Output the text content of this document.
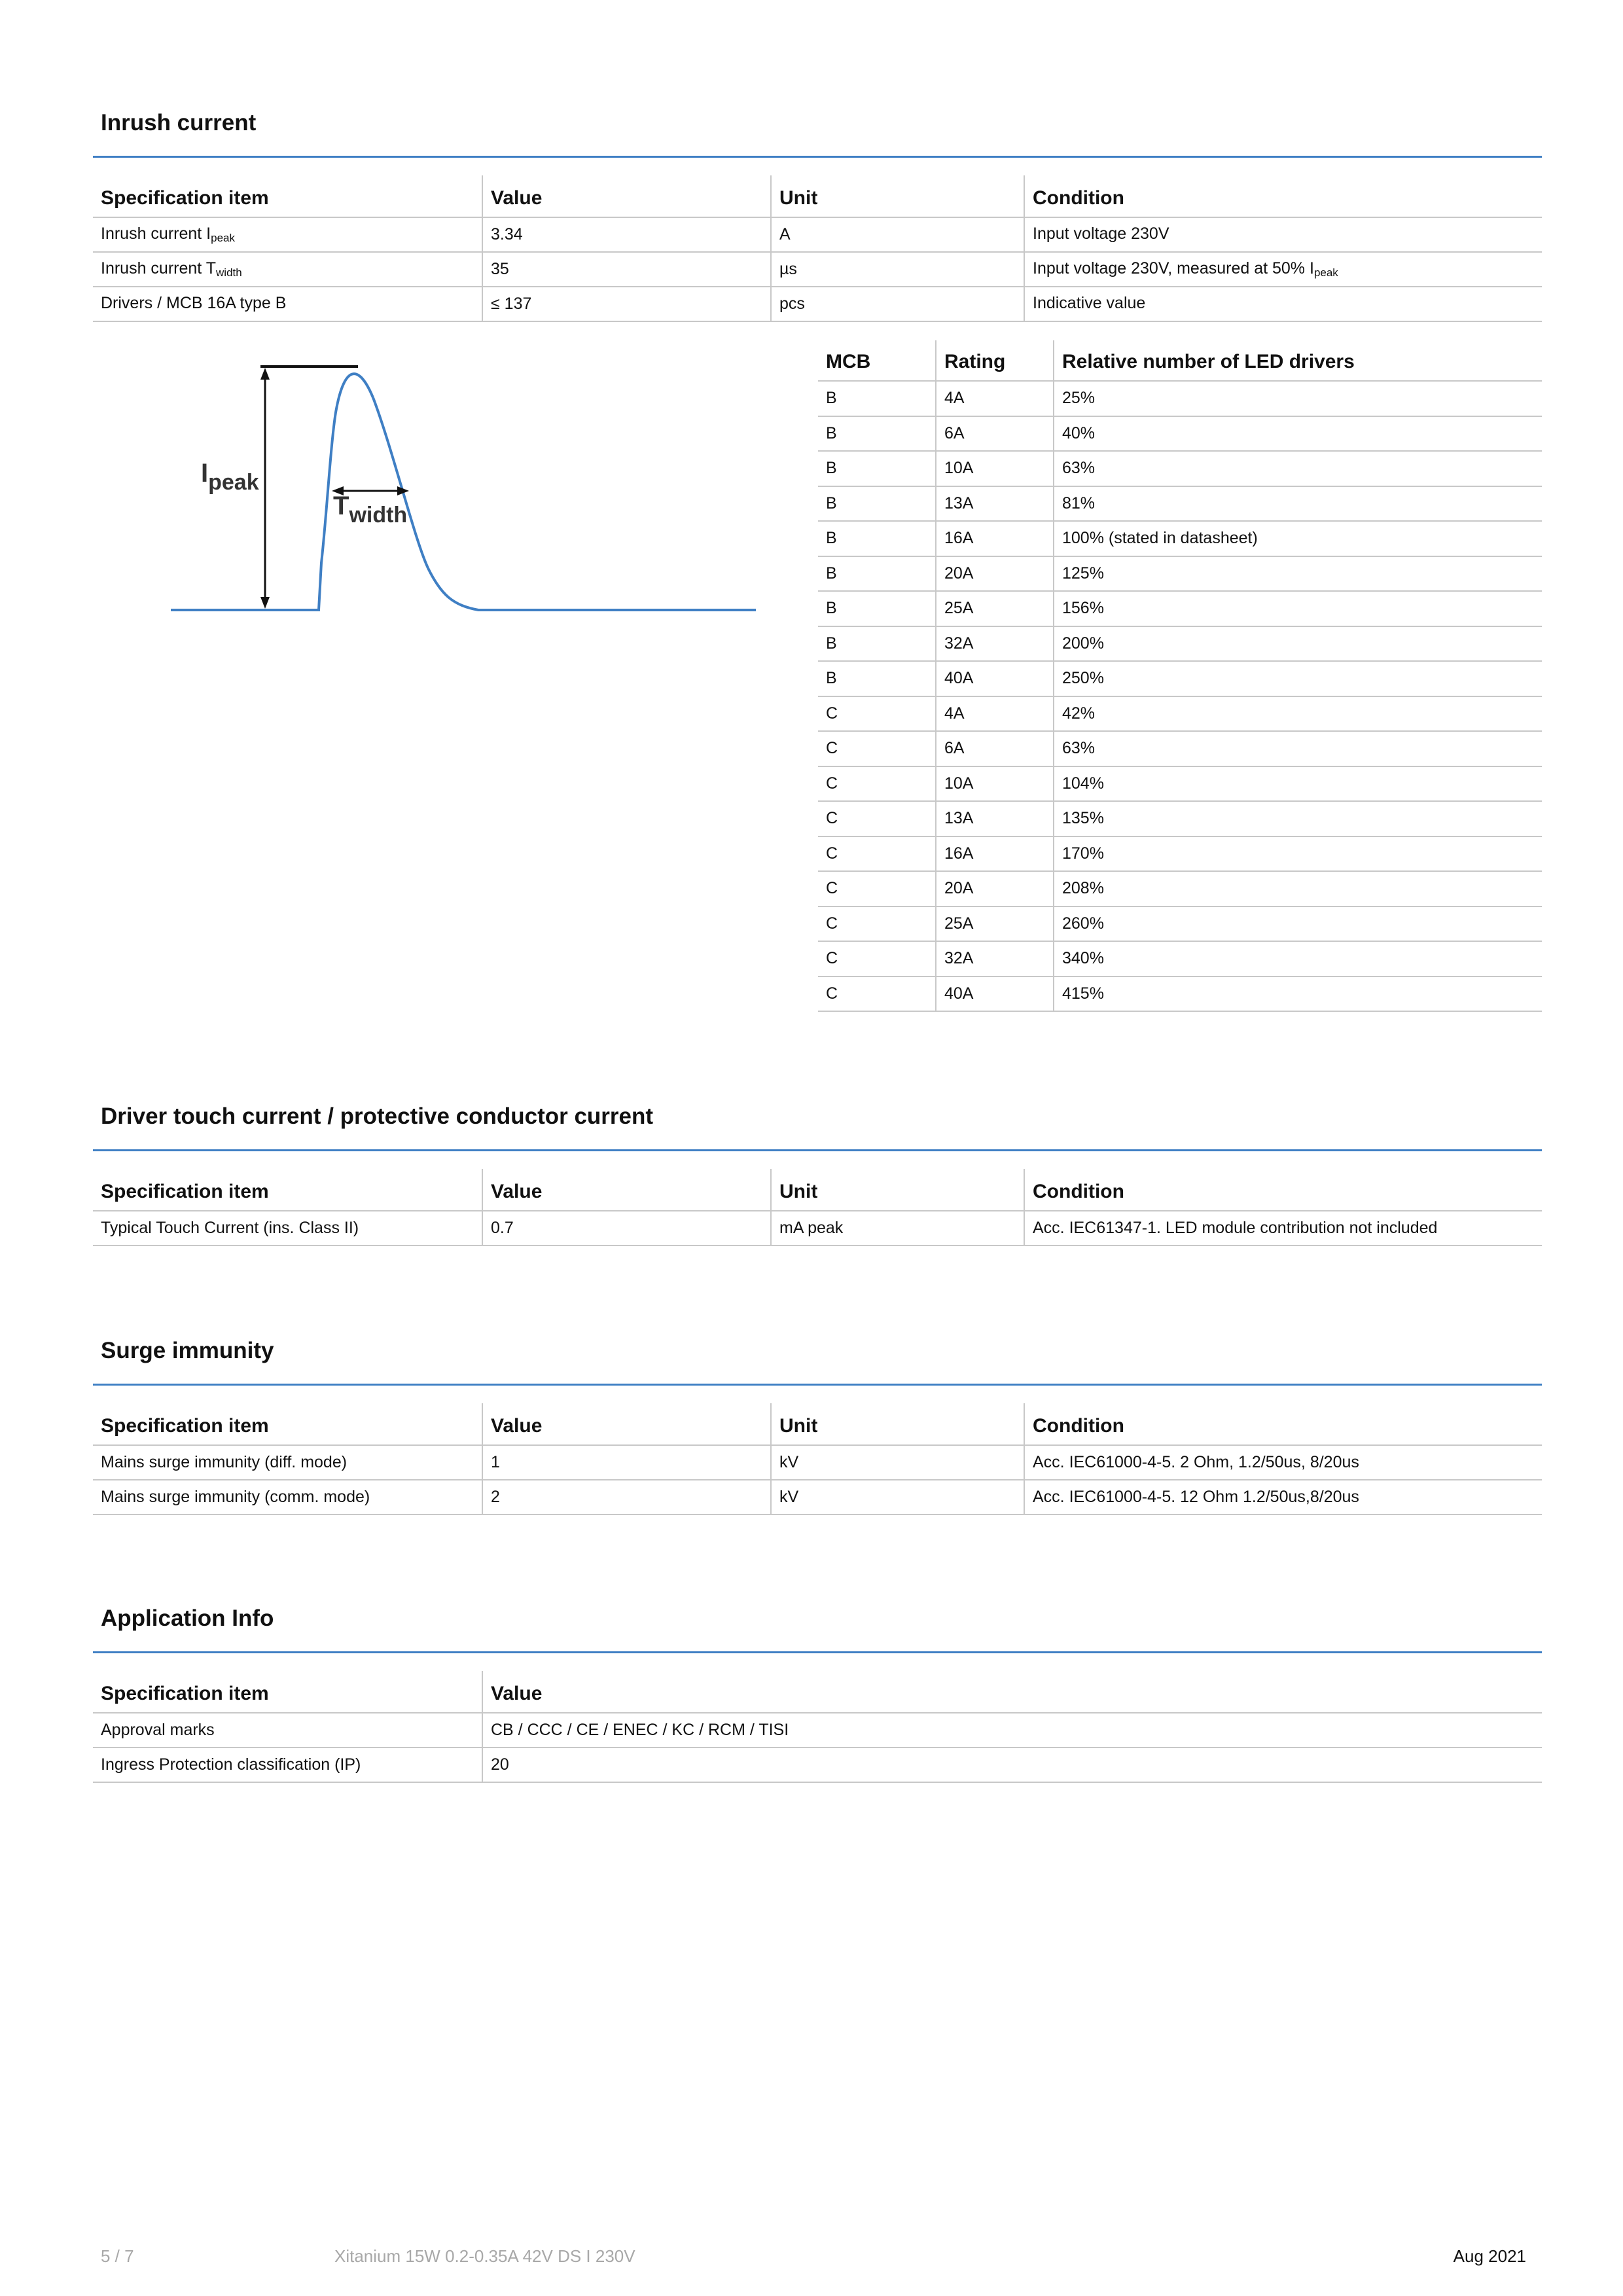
Inrush current
Specification item	Value	Unit	Condition
Inrush current $I_{peak}$	3.34	A	Input voltage 230V
Inrush current $T_{width}$	35	µs	Input voltage 230V, measured at 50% $I_{peak}$
Drivers / MCB 16A type B	≤ 137	pcs	Indicative value
$I_{peak}$
$T_{width}$
MCB	Rating	Relative number of LED drivers
B	4A	25%
B	6A	40%
B	10A	63%
B	13A	81%
B	16A	100% (stated in datasheet)
B	20A	125%
B	25A	156%
B	32A	200%
B	40A	250%
C	4A	42%
C	6A	63%
C	10A	104%
C	13A	135%
C	16A	170%
C	20A	208%
C	25A	260%
C	32A	340%
C	40A	415%
Driver touch current / protective conductor current
Specification item	Value	Unit	Condition
Typical Touch Current (ins. Class II)	0.7	mA peak	Acc. IEC61347-1. LED module contribution not included
Surge immunity
Specification item	Value	Unit	Condition
Mains surge immunity (diff. mode)	1	kV	Acc. IEC61000-4-5. 2 Ohm, 1.2/50us, 8/20us
Mains surge immunity (comm. mode)	2	kV	Acc. IEC61000-4-5. 12 Ohm 1.2/50us,8/20us
Application Info
Specification item	Value
Approval marks	CB / CCC / CE / ENEC / KC / RCM / TISI
Ingress Protection classification (IP)	20
5 / 7	Xitanium 15W 0.2-0.35A 42V DS I 230V	Aug 2021
